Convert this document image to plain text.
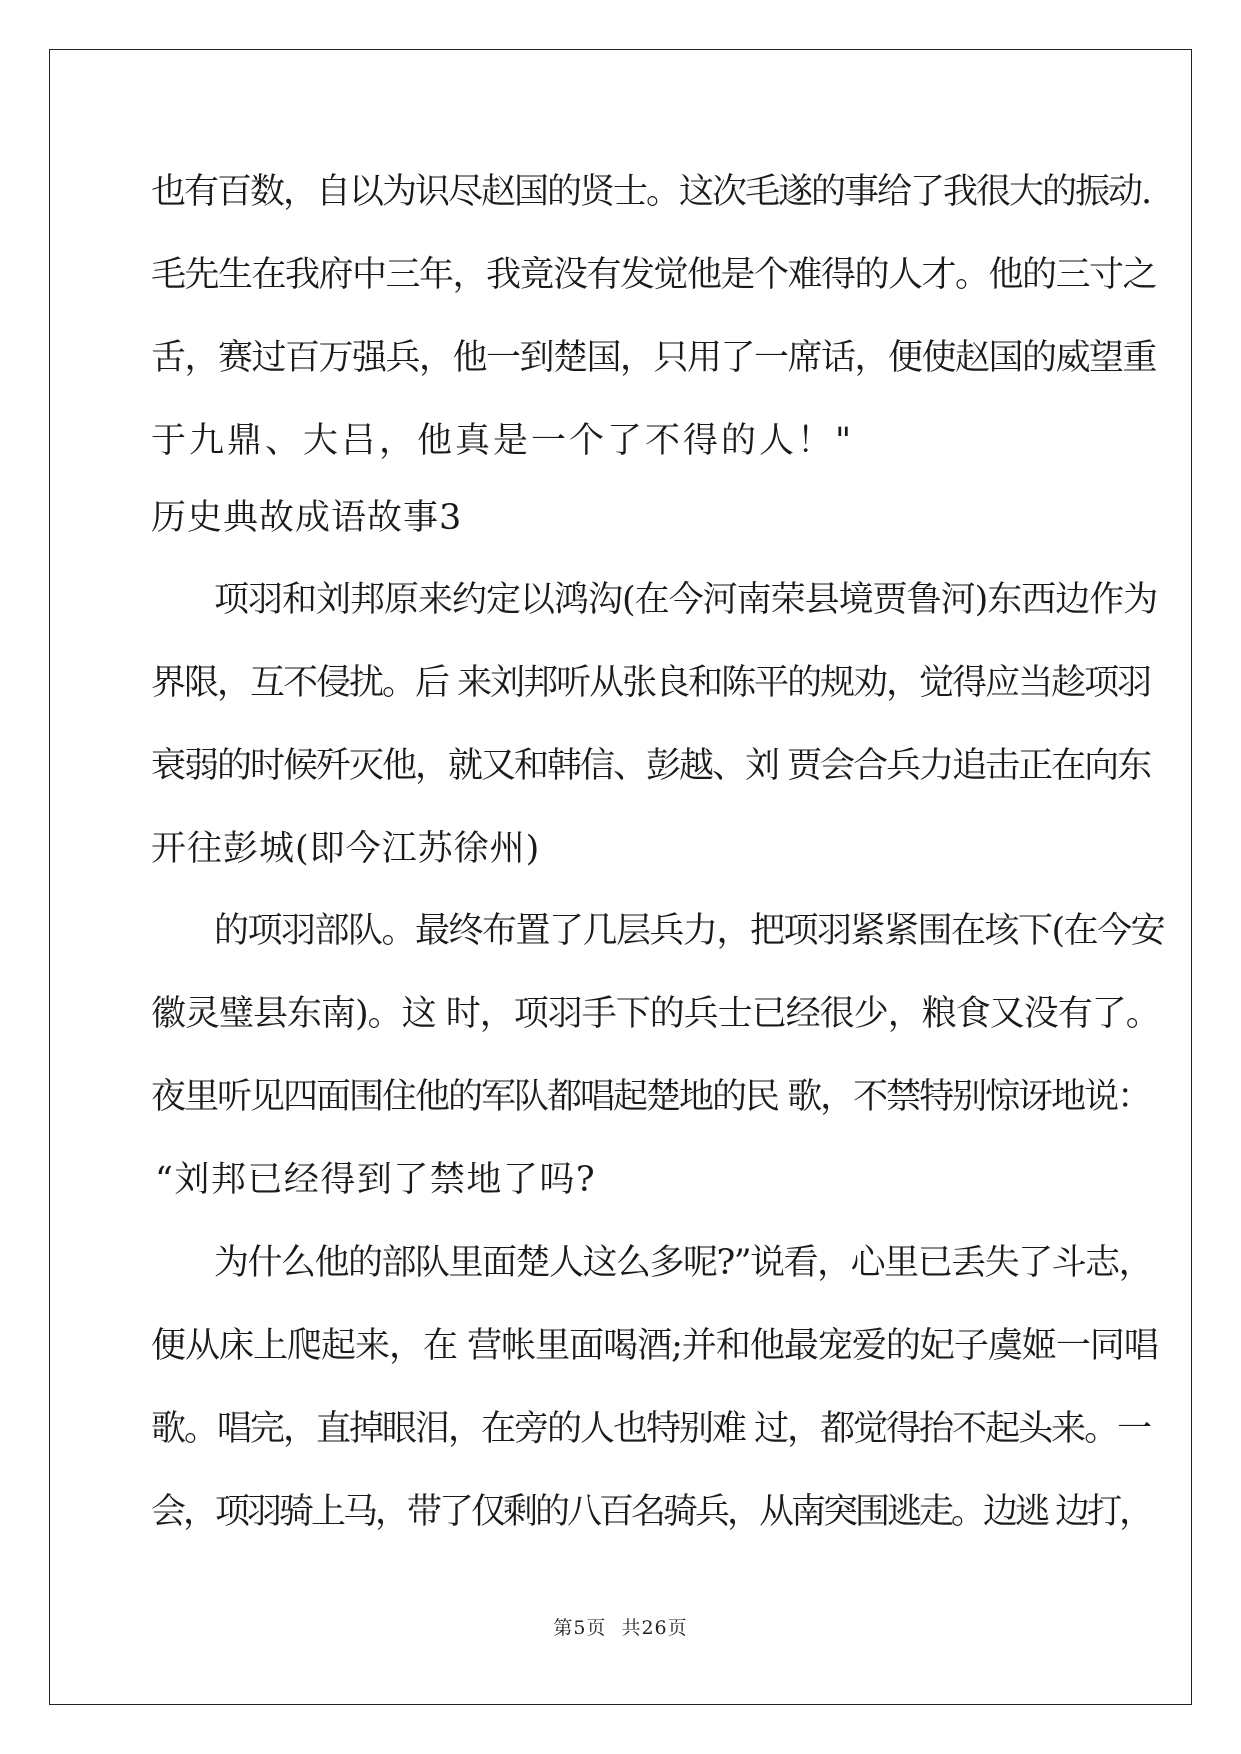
也有百数，自以为识尽赵国的贤士。这次毛遂的事给了我很大的振动.
毛先生在我府中三年，我竟没有发觉他是个难得的人才。他的三寸之
舌，赛过百万强兵，他一到楚国，只用了一席话，便使赵国的威望重
于九鼎、大吕，他真是一个了不得的人！"
历史典故成语故事3
项羽和刘邦原来约定以鸿沟(在今河南荣县境贾鲁河)东西边作为
界限，互不侵扰。后 来刘邦听从张良和陈平的规劝，觉得应当趁项羽
衰弱的时候歼灭他，就又和韩信、彭越、刘 贾会合兵力追击正在向东
开往彭城(即今江苏徐州)
的项羽部队。最终布置了几层兵力，把项羽紧紧围在垓下(在今安
徽灵璧县东南)。这 时，项羽手下的兵士已经很少，粮食又没有了。
夜里听见四面围住他的军队都唱起楚地的民 歌，不禁特别惊讶地说：
“刘邦已经得到了禁地了吗?
为什么他的部队里面楚人这么多呢?”说看，心里已丢失了斗志，
便从床上爬起来，在 营帐里面喝酒;并和他最宠爱的妃子虞姬一同唱
歌。唱完，直掉眼泪，在旁的人也特别难 过，都觉得抬不起头来。一
会，项羽骑上马，带了仅剩的八百名骑兵，从南突围逃走。边逃 边打，
第5页 共26页
